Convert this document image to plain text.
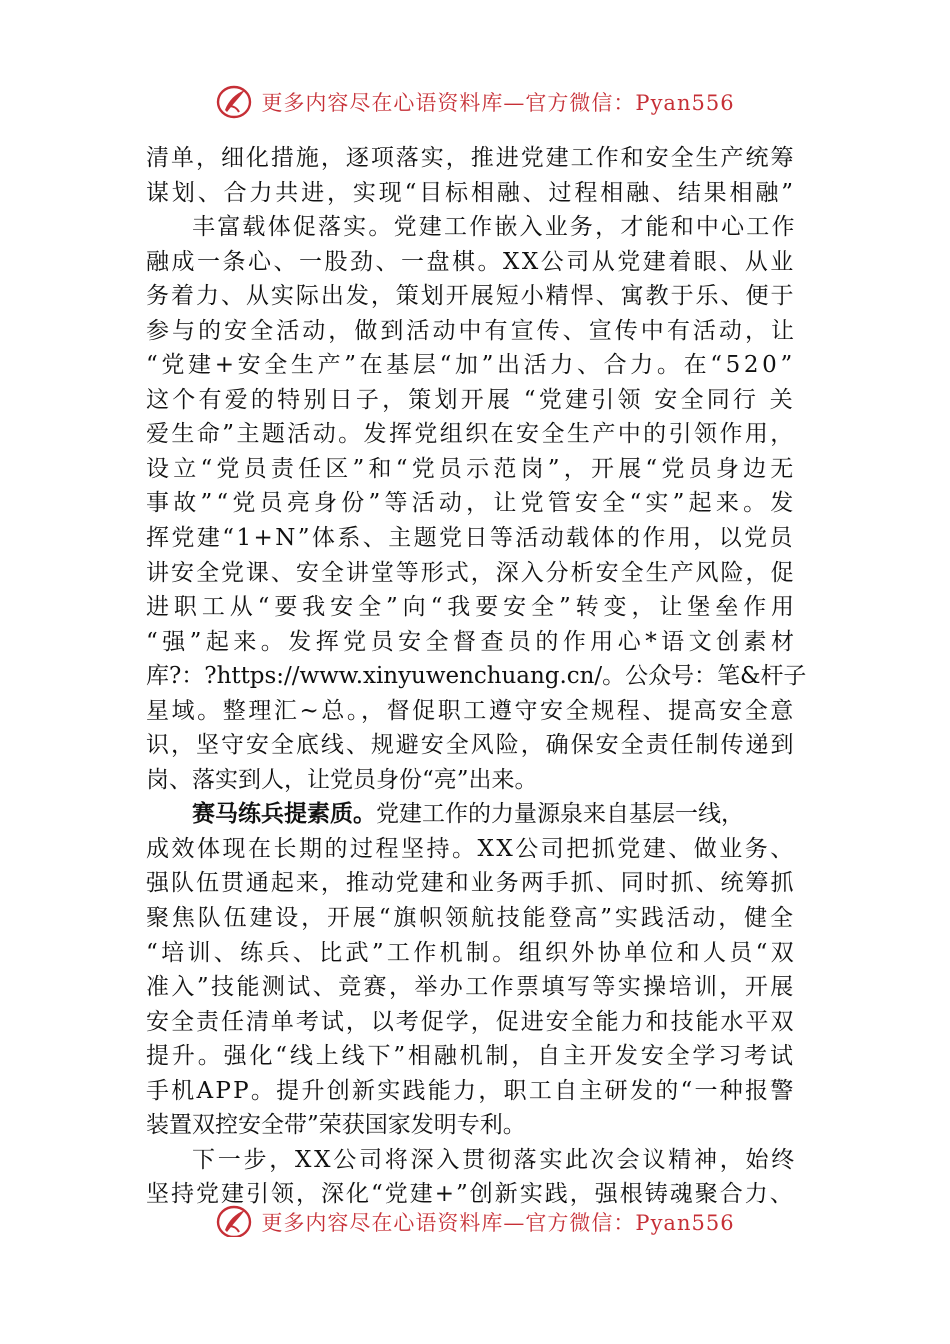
更多内容尽在心语资料库—官方微信：Pyan556
清单，细化措施，逐项落实，推进党建工作和安全生产统筹
谋划、合力共进，实现“目标相融、过程相融、结果相融”
丰富载体促落实。党建工作嵌入业务，才能和中心工作
融成一条心、一股劲、一盘棋。XX公司从党建着眼、从业
务着力、从实际出发，策划开展短小精悍、寓教于乐、便于
参与的安全活动，做到活动中有宣传、宣传中有活动，让
“党建+安全生产”在基层“加”出活力、合力。在“520”
这个有爱的特别日子，策划开展 “党建引领 安全同行 关
爱生命”主题活动。发挥党组织在安全生产中的引领作用，
设立“党员责任区”和“党员示范岗”，开展“党员身边无
事故”“党员亮身份”等活动，让党管安全“实”起来。发
挥党建“1+N”体系、主题党日等活动载体的作用，以党员
讲安全党课、安全讲堂等形式，深入分析安全生产风险，促
进职工从“要我安全”向“我要安全”转变，让堡垒作用
“强”起来。发挥党员安全督查员的作用心*语文创素材
库?：?https://www.xinyuwenchuang.cn/。公众号：笔&杆子
星域。整理汇~总。，督促职工遵守安全规程、提高安全意
识，坚守安全底线、规避安全风险，确保安全责任制传递到
岗、落实到人，让党员身份“亮”出来。
赛马练兵提素质。 党建工作的力量源泉来自基层一线，
成效体现在长期的过程坚持。XX公司把抓党建、做业务、
强队伍贯通起来，推动党建和业务两手抓、同时抓、统筹抓
聚焦队伍建设，开展“旗帜领航技能登高”实践活动，健全
“培训、练兵、比武”工作机制。组织外协单位和人员“双
准入”技能测试、竞赛，举办工作票填写等实操培训，开展
安全责任清单考试，以考促学，促进安全能力和技能水平双
提升。强化“线上线下”相融机制，自主开发安全学习考试
手机APP。提升创新实践能力，职工自主研发的“一种报警
装置双控安全带”荣获国家发明专利。
下一步，XX公司将深入贯彻落实此次会议精神，始终
坚持党建引领，深化“党建+”创新实践，强根铸魂聚合力、
更多内容尽在心语资料库—官方微信：Pyan556
